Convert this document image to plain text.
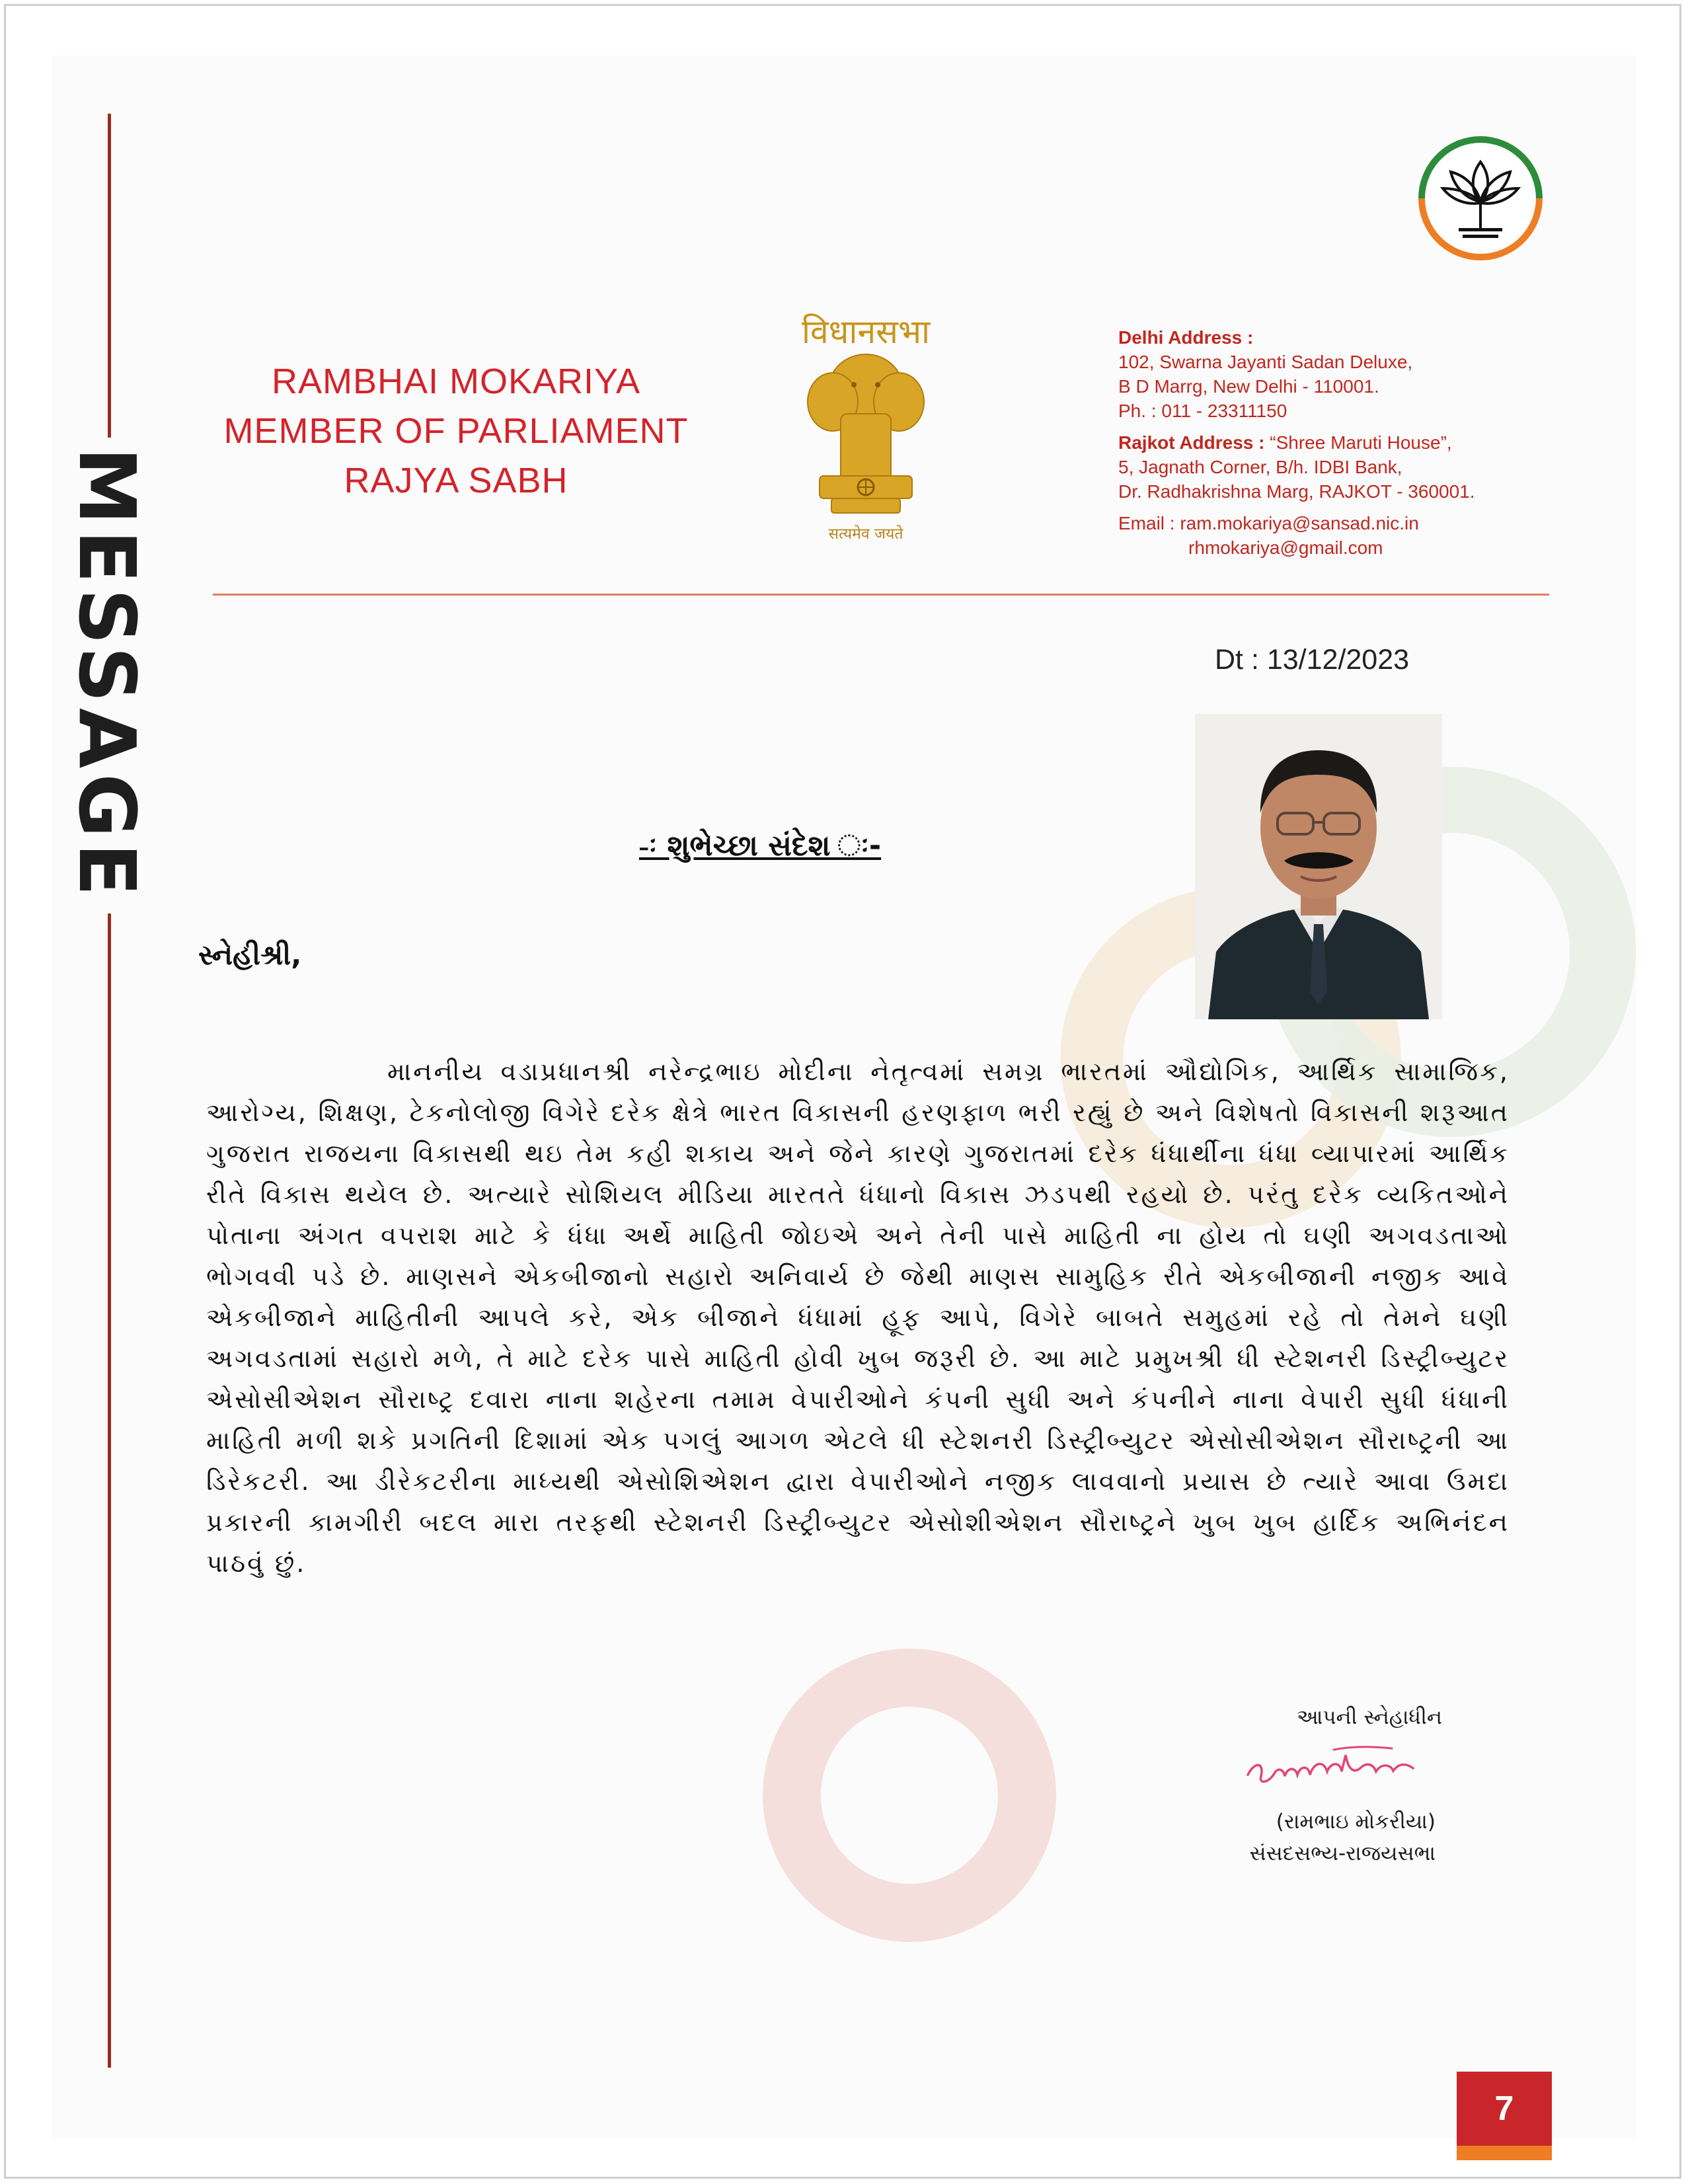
MESSAGE
RAMBHAI MOKARIYA
MEMBER OF PARLIAMENT
RAJYA SABH
विधानसभा
सत्यमेव जयते
Delhi Address :
102, Swarna Jayanti Sadan Deluxe,
B D Marrg, New Delhi - 110001.
Ph. : 011 - 23311150
Rajkot Address : “Shree Maruti House”,
5, Jagnath Corner, B/h. IDBI Bank,
Dr. Radhakrishna Marg, RAJKOT - 360001.
Email : ram.mokariya@sansad.nic.in
rhmokariya@gmail.com
Dt : 13/12/2023
-ઃ શુભેચ્છા સંદેશ ઃ-
સ્નેહીશ્રી,
માનનીય વડાપ્રધાનશ્રી નરેન્દ્રભાઇ મોદીના નેતૃત્વમાં સમગ્ર ભારતમાં ઔદ્યોગિક, આર્થિક સામાજિક, આરોગ્ય, શિક્ષણ, ટેકનોલોજી વિગેરે દરેક ક્ષેત્રે ભારત વિકાસની હરણફાળ ભરી રહ્યું છે અને વિશેષતો વિકાસની શરૂઆત ગુજરાત રાજયના વિકાસથી થઇ તેમ કહી શકાય અને જેને કારણે ગુજરાતમાં દરેક ધંધાર્થીના ધંધા વ્યાપારમાં આર્થિક રીતે વિકાસ થયેલ છે. અત્યારે સોશિયલ મીડિયા મારતતે ધંધાનો વિકાસ ઝડપથી રહયો છે. પરંતુ દરેક વ્યકિતઓને પોતાના અંગત વપરાશ માટે કે ધંધા અર્થે માહિતી જોઇએ અને તેની પાસે માહિતી ના હોય તો ઘણી અગવડતાઓ ભોગવવી પડે છે. માણસને એકબીજાનો સહારો અનિવાર્ય છે જેથી માણસ સામુહિક રીતે એકબીજાની નજીક આવે એકબીજાને માહિતીની આપલે કરે, એક બીજાને ધંધામાં હૂફ આપે, વિગેરે બાબતે સમુહમાં રહે તો તેમને ઘણી અગવડતામાં સહારો મળે, તે માટે દરેક પાસે માહિતી હોવી ખુબ જરૂરી છે. આ માટે પ્રમુખશ્રી ધી સ્ટેશનરી ડિસ્ટ્રીબ્યુટર એસોસીએશન સૌરાષ્ટ્ર દવારા નાના શહેરના તમામ વેપારીઓને કંપની સુધી અને કંપનીને નાના વેપારી સુધી ધંધાની માહિતી મળી શકે પ્રગતિની દિશામાં એક પગલું આગળ એટલે ધી સ્ટેશનરી ડિસ્ટ્રીબ્યુટર એસોસીએશન સૌરાષ્ટ્રની આ ડિરેકટરી. આ ડીરેકટરીના માધ્યથી એસોશિએશન દ્વારા વેપારીઓને નજીક લાવવાનો પ્રયાસ છે ત્યારે આવા ઉમદા પ્રકારની કામગીરી બદલ મારા તરફથી સ્ટેશનરી ડિસ્ટ્રીબ્યુટર એસોશીએશન સૌરાષ્ટ્રને ખુબ ખુબ હાર્દિક અભિનંદન પાઠવું છું.
આપની સ્નેહાધીન
(રામભાઇ મોકરીયા)
સંસદસભ્ય-રાજયસભા
7
